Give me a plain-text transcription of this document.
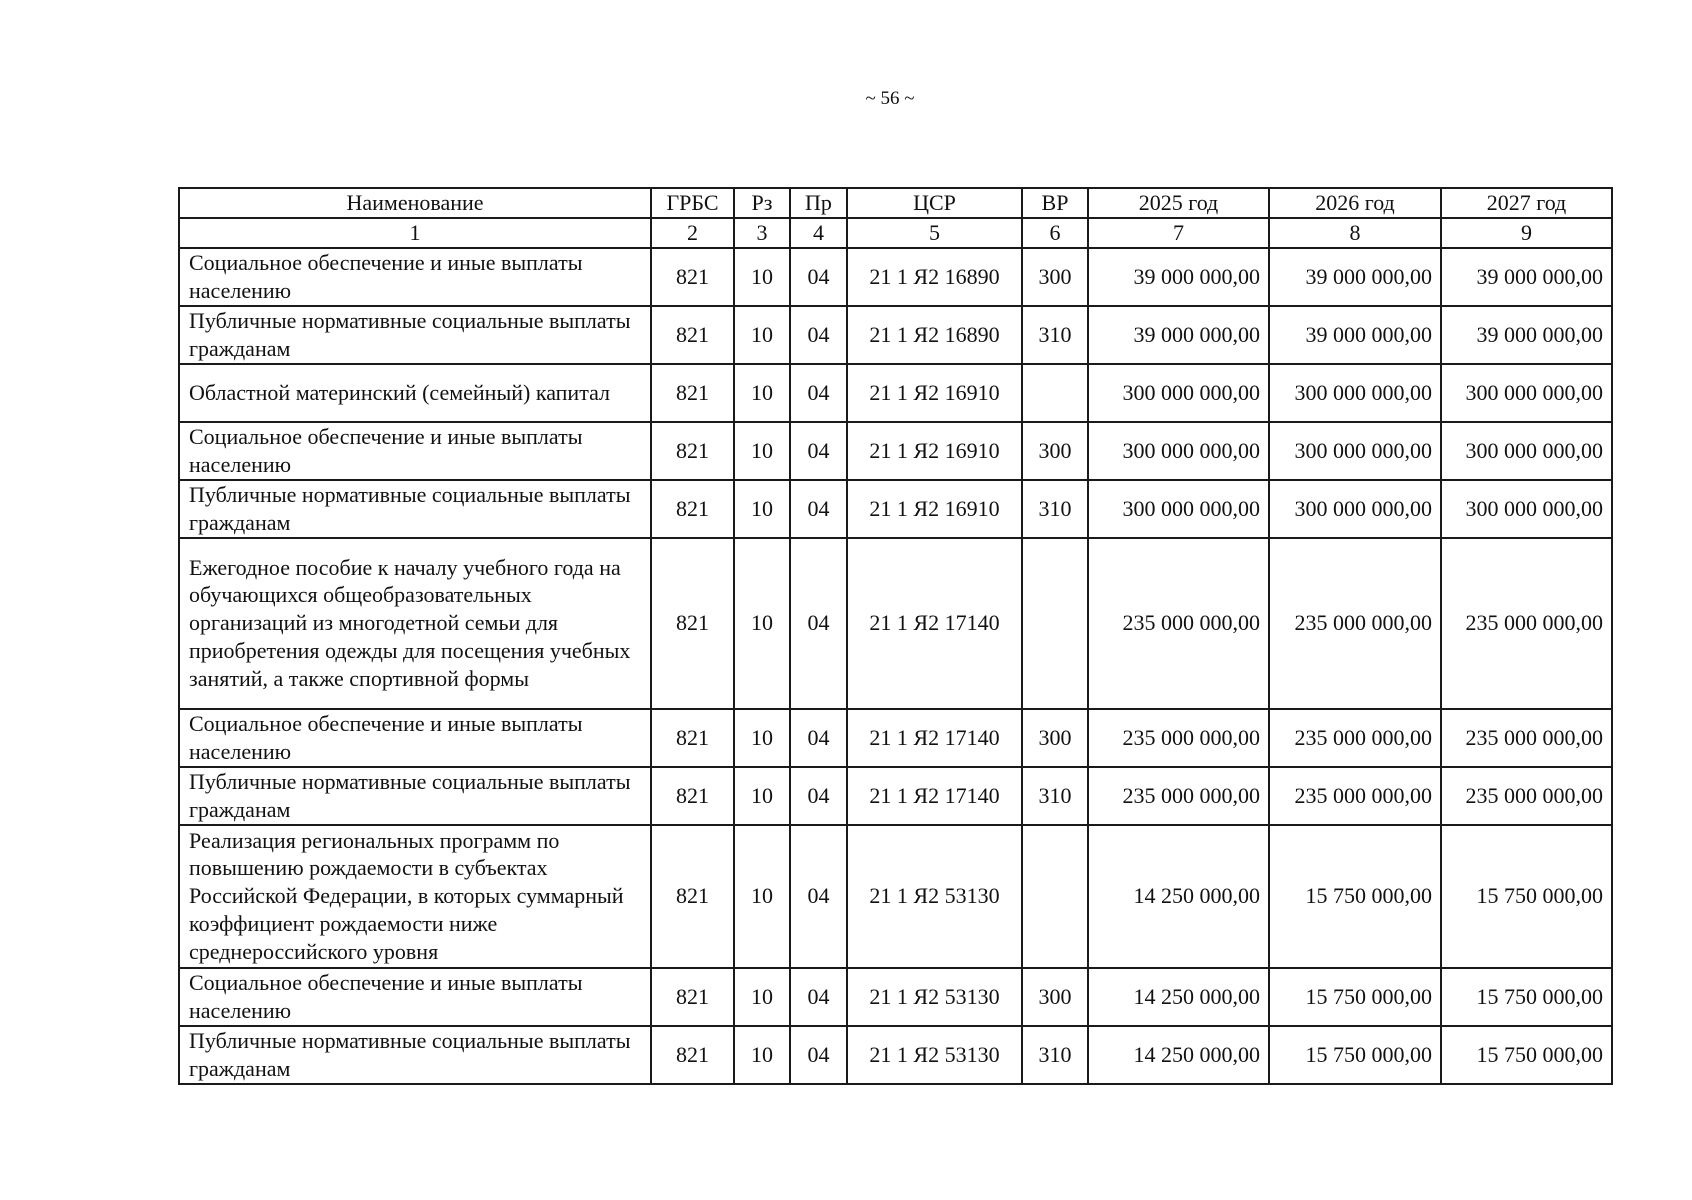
~ 56 ~
Наименование	ГРБС	Рз	Пр	ЦСР	ВР	2025 год	2026 год	2027 год
1	2	3	4	5	6	7	8	9
Социальное обеспечение и иные выплаты населению	821	10	04	21 1 Я2 16890	300	39 000 000,00	39 000 000,00	39 000 000,00
Публичные нормативные социальные выплаты гражданам	821	10	04	21 1 Я2 16890	310	39 000 000,00	39 000 000,00	39 000 000,00
Областной материнский (семейный) капитал	821	10	04	21 1 Я2 16910		300 000 000,00	300 000 000,00	300 000 000,00
Социальное обеспечение и иные выплаты населению	821	10	04	21 1 Я2 16910	300	300 000 000,00	300 000 000,00	300 000 000,00
Публичные нормативные социальные выплаты гражданам	821	10	04	21 1 Я2 16910	310	300 000 000,00	300 000 000,00	300 000 000,00
Ежегодное пособие к началу учебного года на обучающихся общеобразовательных организаций из многодетной семьи для приобретения одежды для посещения учебных занятий, а также спортивной формы	821	10	04	21 1 Я2 17140		235 000 000,00	235 000 000,00	235 000 000,00
Социальное обеспечение и иные выплаты населению	821	10	04	21 1 Я2 17140	300	235 000 000,00	235 000 000,00	235 000 000,00
Публичные нормативные социальные выплаты гражданам	821	10	04	21 1 Я2 17140	310	235 000 000,00	235 000 000,00	235 000 000,00
Реализация региональных программ по повышению рождаемости в субъектах Российской Федерации, в которых суммарный коэффициент рождаемости ниже среднероссийского уровня	821	10	04	21 1 Я2 53130		14 250 000,00	15 750 000,00	15 750 000,00
Социальное обеспечение и иные выплаты населению	821	10	04	21 1 Я2 53130	300	14 250 000,00	15 750 000,00	15 750 000,00
Публичные нормативные социальные выплаты гражданам	821	10	04	21 1 Я2 53130	310	14 250 000,00	15 750 000,00	15 750 000,00
